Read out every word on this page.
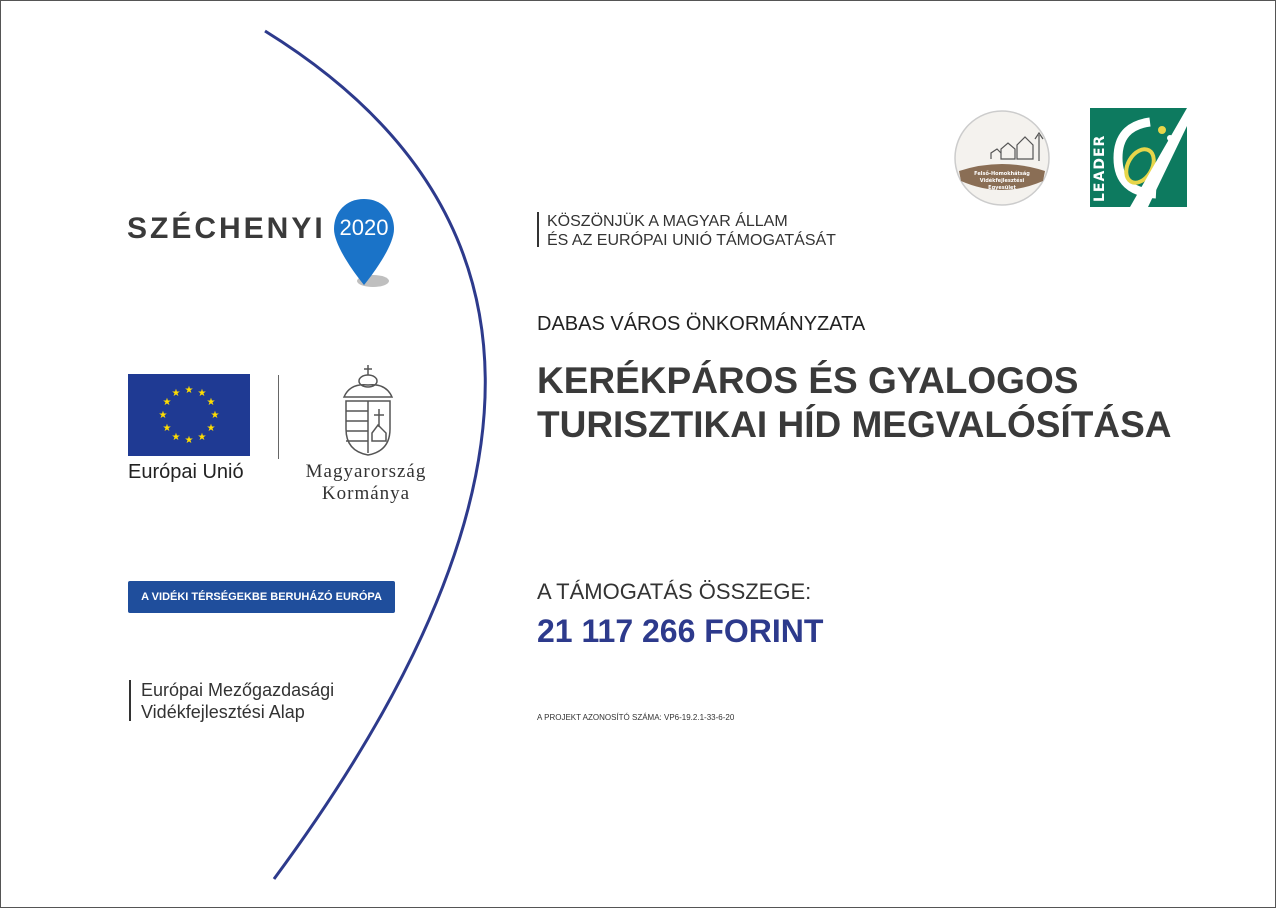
SZÉCHENYI 2020
★ ★
★
★
★
★
★
★
★
★
★
★
Európai Unió	Magyarország
Kormánya
A VIDÉKI TÉRSÉGEKBE BERUHÁZÓ EURÓPA
Európai Mezőgazdasági
Vidékfejlesztési Alap
Felső-Homokhátság
Vidékfejlesztési
Egyesület	LEADER
KÖSZÖNJÜK A MAGYAR ÁLLAM
ÉS AZ EURÓPAI UNIÓ TÁMOGATÁSÁT
DABAS VÁROS ÖNKORMÁNYZATA
KERÉKPÁROS ÉS GYALOGOS
TURISZTIKAI HÍD MEGVALÓSÍTÁSA
A TÁMOGATÁS ÖSSZEGE:
21 117 266 FORINT
A PROJEKT AZONOSÍTÓ SZÁMA: VP6-19.2.1-33-6-20
